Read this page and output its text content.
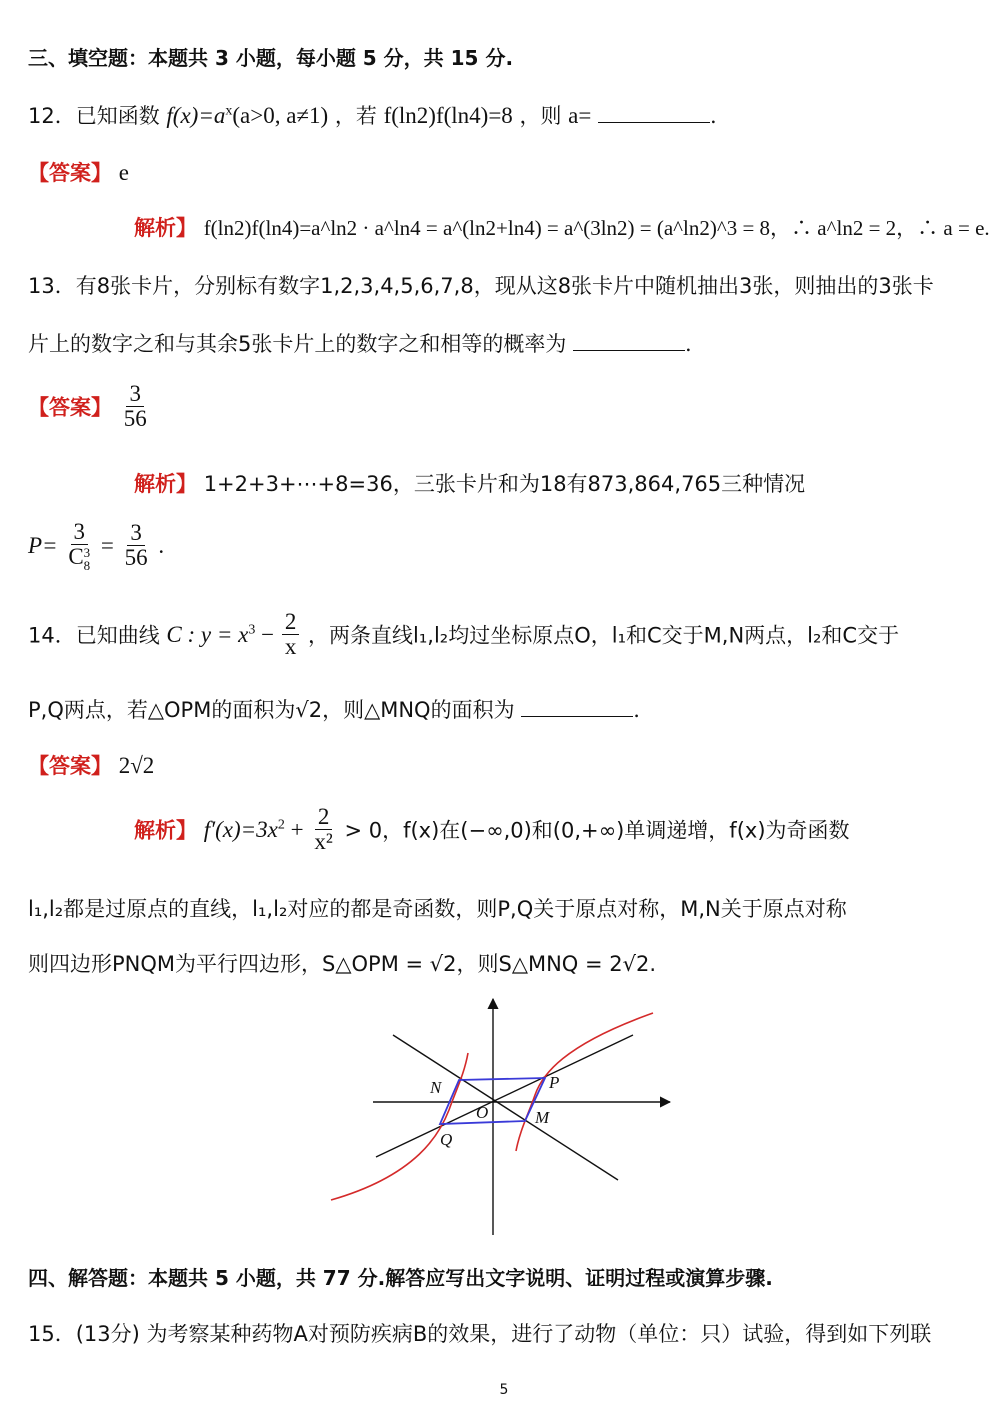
三、填空题：本题共 3 小题，每小题 5 分，共 15 分.
12．已知函数 $f(x)=a^x(a>0$, a≠1) ，若 f(ln2)f(ln4)=8 ，则 a=	.
【答案】 e
解析】 f(ln2)f(ln4)=a^ln2 · a^ln4 = a^(ln2+ln4) = a^(3ln2) = (a^ln2)^3 = 8，∴ a^ln2 = 2，∴ a = e.
13．有8张卡片，分别标有数字1,2,3,4,5,6,7,8，现从这8张卡片中随机抽出3张，则抽出的3张卡
片上的数字之和与其余5张卡片上的数字之和相等的概率为	.
【答案】 $\frac{3}{56}$
解析】 1+2+3+⋯+8=36，三张卡片和为18有873,864,765三种情况
P= 3
C 3
$8 = \frac{3}{56}$ .
14．已知曲线 C : $y = x^3 - \frac{2}{x}$ ，两条直线l₁,l₂均过坐标原点O，l₁和C交于M,N两点，l₂和C交于
P,Q两点，若△OPM的面积为√2，则△MNQ的面积为	.
【答案】 2√2
解析】 $f'(x)=3x^2 + \frac{2}{\text{x²}} > 0$，f(x)在(−∞,0)和(0,+∞)单调递增，f(x)为奇函数
l₁,l₂都是过原点的直线，l₁,l₂对应的都是奇函数，则P,Q关于原点对称，M,N关于原点对称
则四边形PNQM为平行四边形，S△OPM = √2，则S△MNQ = 2√2.
N	P
O	M
Q
四、解答题：本题共 5 小题，共 77 分.解答应写出文字说明、证明过程或演算步骤.
15．(13分) 为考察某种药物A对预防疾病B的效果，进行了动物（单位：只）试验，得到如下列联
5
